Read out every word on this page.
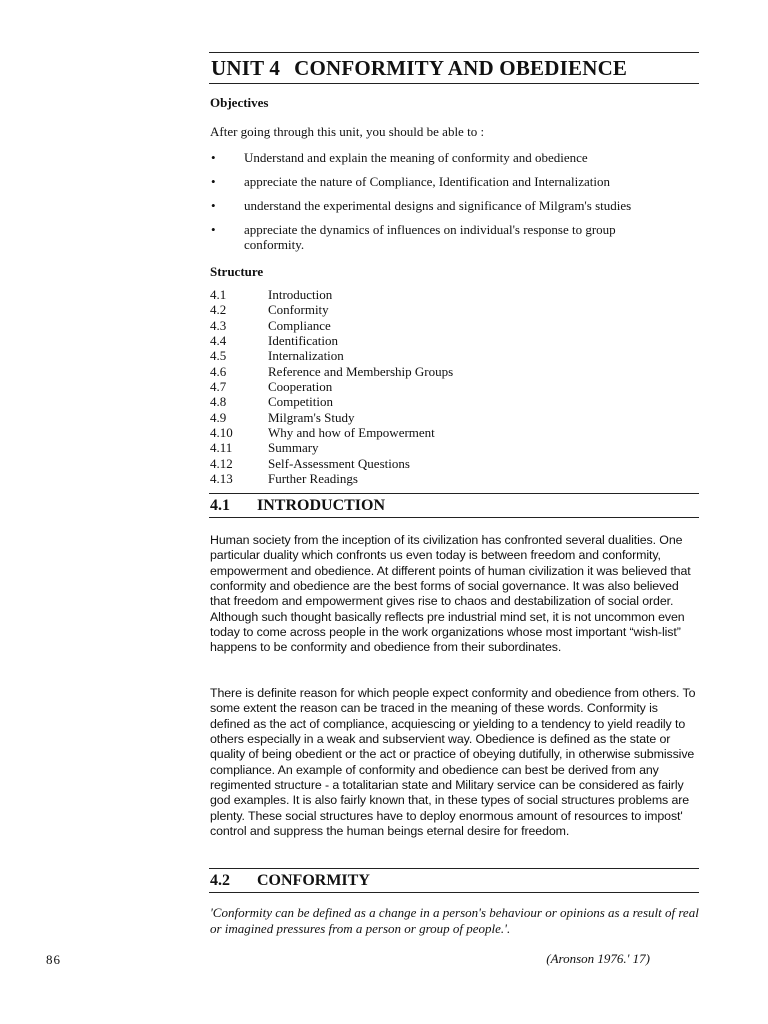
UNIT 4 CONFORMITY AND OBEDIENCE
Objectives
After going through this unit, you should be able to :
• Understand and explain the meaning of conformity and obedience
• appreciate the nature of Compliance, Identification and Internalization
• understand the experimental designs and significance of Milgram's studies
• appreciate the dynamics of influences on individual's response to group conformity.
Structure
4.1	Introduction
4.2	Conformity
4.3	Compliance
4.4	Identification
4.5	Internalization
4.6	Reference and Membership Groups
4.7	Cooperation
4.8	Competition
4.9	Milgram's Study
4.10	Why and how of Empowerment
4.11	Summary
4.12	Self-Assessment Questions
4.13	Further Readings
4.1 INTRODUCTION
Human society from the inception of its civilization has confronted several dualities. One particular duality which confronts us even today is between freedom and conformity, empowerment and obedience. At different points of human civilization it was believed that conformity and obedience are the best forms of social governance. It was also believed that freedom and empowerment gives rise to chaos and destabilization of social order. Although such thought basically reflects pre industrial mind set, it is not uncommon even today to come across people in the work organizations whose most important “wish-list” happens to be conformity and obedience from their subordinates.
There is definite reason for which people expect conformity and obedience from others. To some extent the reason can be traced in the meaning of these words. Conformity is defined as the act of compliance, acquiescing or yielding to a tendency to yield readily to others especially in a weak and subservient way. Obedience is defined as the state or quality of being obedient or the act or practice of obeying dutifully, in otherwise submissive compliance. An example of conformity and obedience can best be derived from any regimented structure - a totalitarian state and Military service can be considered as fairly god examples. It is also fairly known that, in these types of social structures problems are plenty. These social structures have to deploy enormous amount of resources to impost' control and suppress the human beings eternal desire for freedom.
4.2 CONFORMITY
'Conformity can be defined as a change in a person's behaviour or opinions as a result of real or imagined pressures from a person or group of people.'.
86	(Aronson 1976.' 17)
